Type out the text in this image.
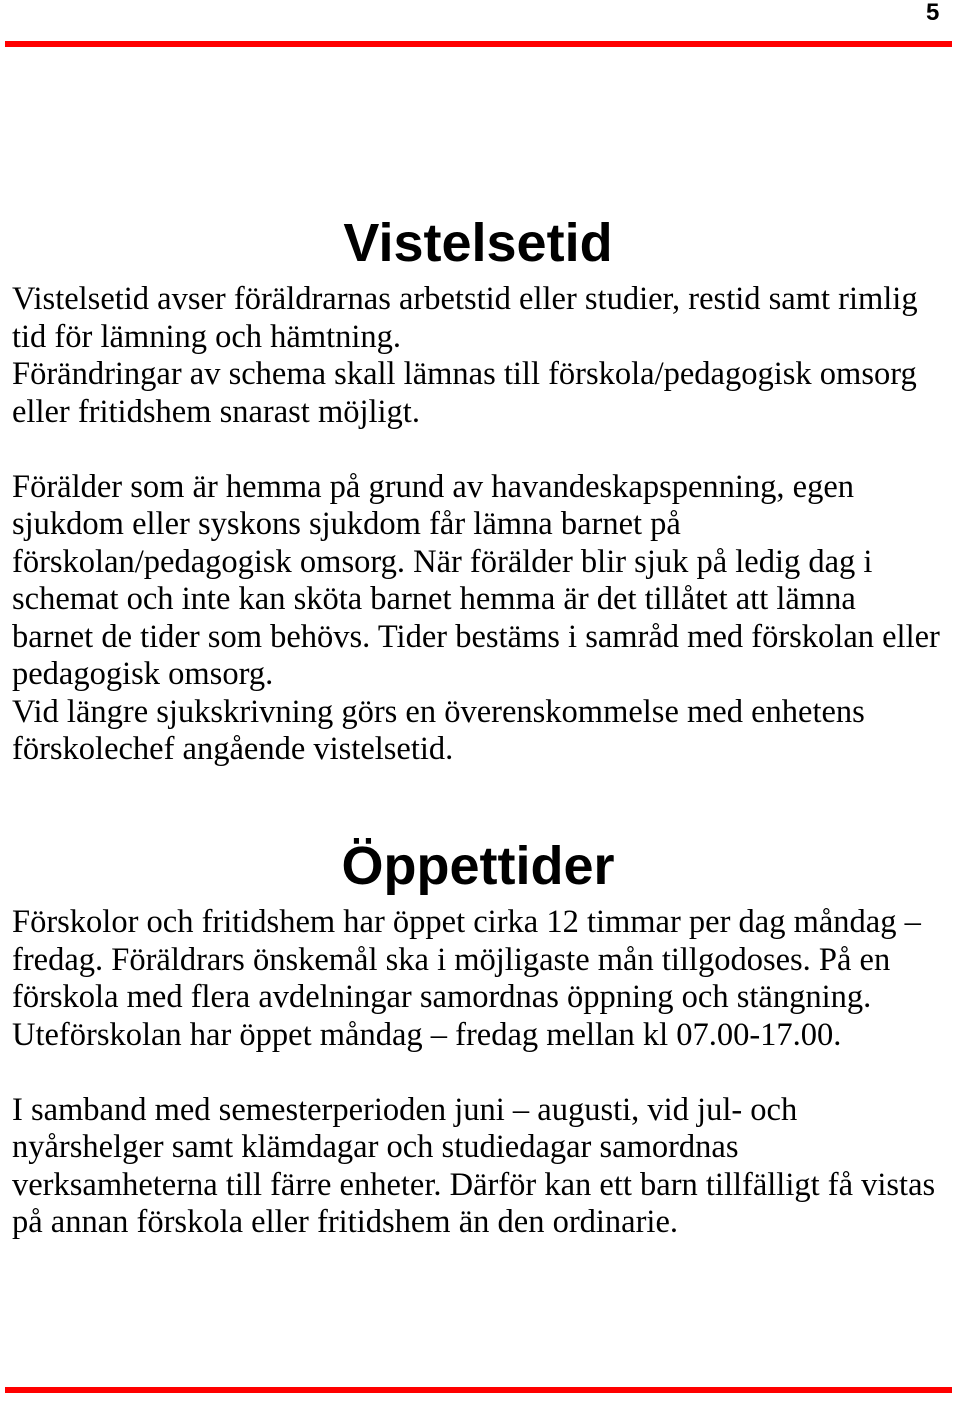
5
Vistelsetid

Vistelsetid avser föräldrarnas arbetstid eller studier, restid samt rimlig
tid för lämning och hämtning.
Förändringar av schema skall lämnas till förskola/pedagogisk omsorg
eller fritidshem snarast möjligt.

Förälder som är hemma på grund av havandeskapspenning, egen
sjukdom eller syskons sjukdom får lämna barnet på
förskolan/pedagogisk omsorg. När förälder blir sjuk på ledig dag i
schemat och inte kan sköta barnet hemma är det tillåtet att lämna
barnet de tider som behövs. Tider bestäms i samråd med förskolan eller
pedagogisk omsorg.
Vid längre sjukskrivning görs en överenskommelse med enhetens
förskolechef angående vistelsetid.

Öppettider

Förskolor och fritidshem har öppet cirka 12 timmar per dag måndag –
fredag. Föräldrars önskemål ska i möjligaste mån tillgodoses. På en
förskola med flera avdelningar samordnas öppning och stängning.
Uteförskolan har öppet måndag – fredag mellan kl 07.00-17.00.

I samband med semesterperioden juni – augusti, vid jul- och
nyårshelger samt klämdagar och studiedagar samordnas
verksamheterna till färre enheter. Därför kan ett barn tillfälligt få vistas
på annan förskola eller fritidshem än den ordinarie.
